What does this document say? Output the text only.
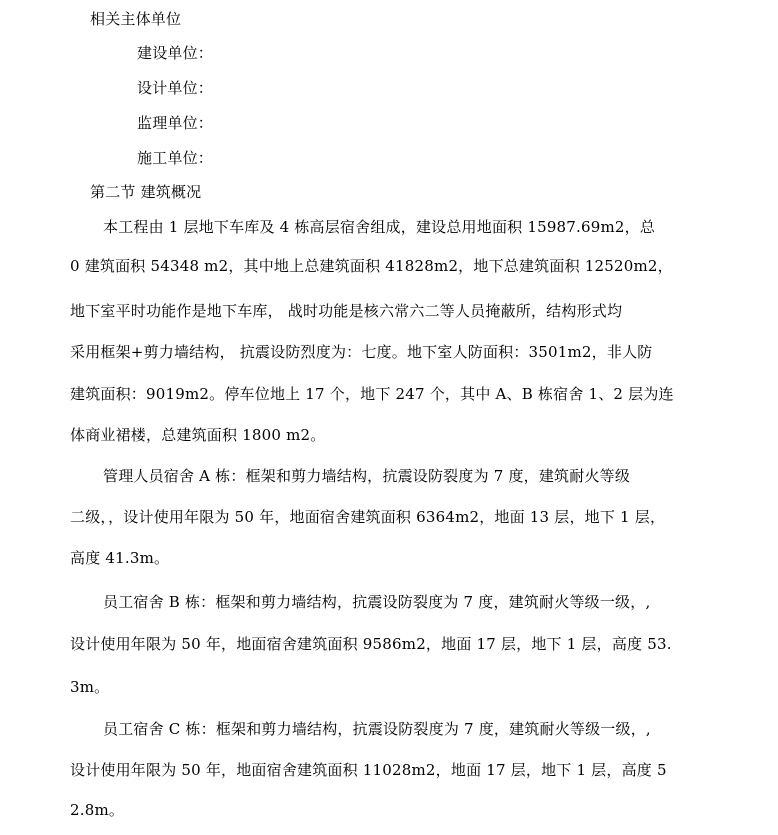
相关主体单位
建设单位：
设计单位：
监理单位：
施工单位：
第二节 建筑概况
本工程由 1 层地下车库及 4 栋高层宿舍组成，建设总用地面积 15987.69m2，总
0 建筑面积 54348 m2，其中地上总建筑面积 41828m2，地下总建筑面积 12520m2，
地下室平时功能作是地下车库， 战时功能是核六常六二等人员掩蔽所，结构形式均
采用框架+剪力墙结构， 抗震设防烈度为：七度。地下室人防面积：3501m2，非人防
建筑面积：9019m2。停车位地上 17 个，地下 247 个，其中 A、B 栋宿舍 1、2 层为连
体商业裙楼，总建筑面积 1800 m2。
管理人员宿舍 A 栋：框架和剪力墙结构，抗震设防裂度为 7 度，建筑耐火等级
二级，，设计使用年限为 50 年，地面宿舍建筑面积 6364m2，地面 13 层，地下 1 层，
高度 41.3m。
员工宿舍 B 栋：框架和剪力墙结构，抗震设防裂度为 7 度，建筑耐火等级一级，,
设计使用年限为 50 年，地面宿舍建筑面积 9586m2，地面 17 层，地下 1 层，高度 53.
3m。
员工宿舍 C 栋：框架和剪力墙结构，抗震设防裂度为 7 度，建筑耐火等级一级，,
设计使用年限为 50 年，地面宿舍建筑面积 11028m2，地面 17 层，地下 1 层，高度 5
2.8m。
